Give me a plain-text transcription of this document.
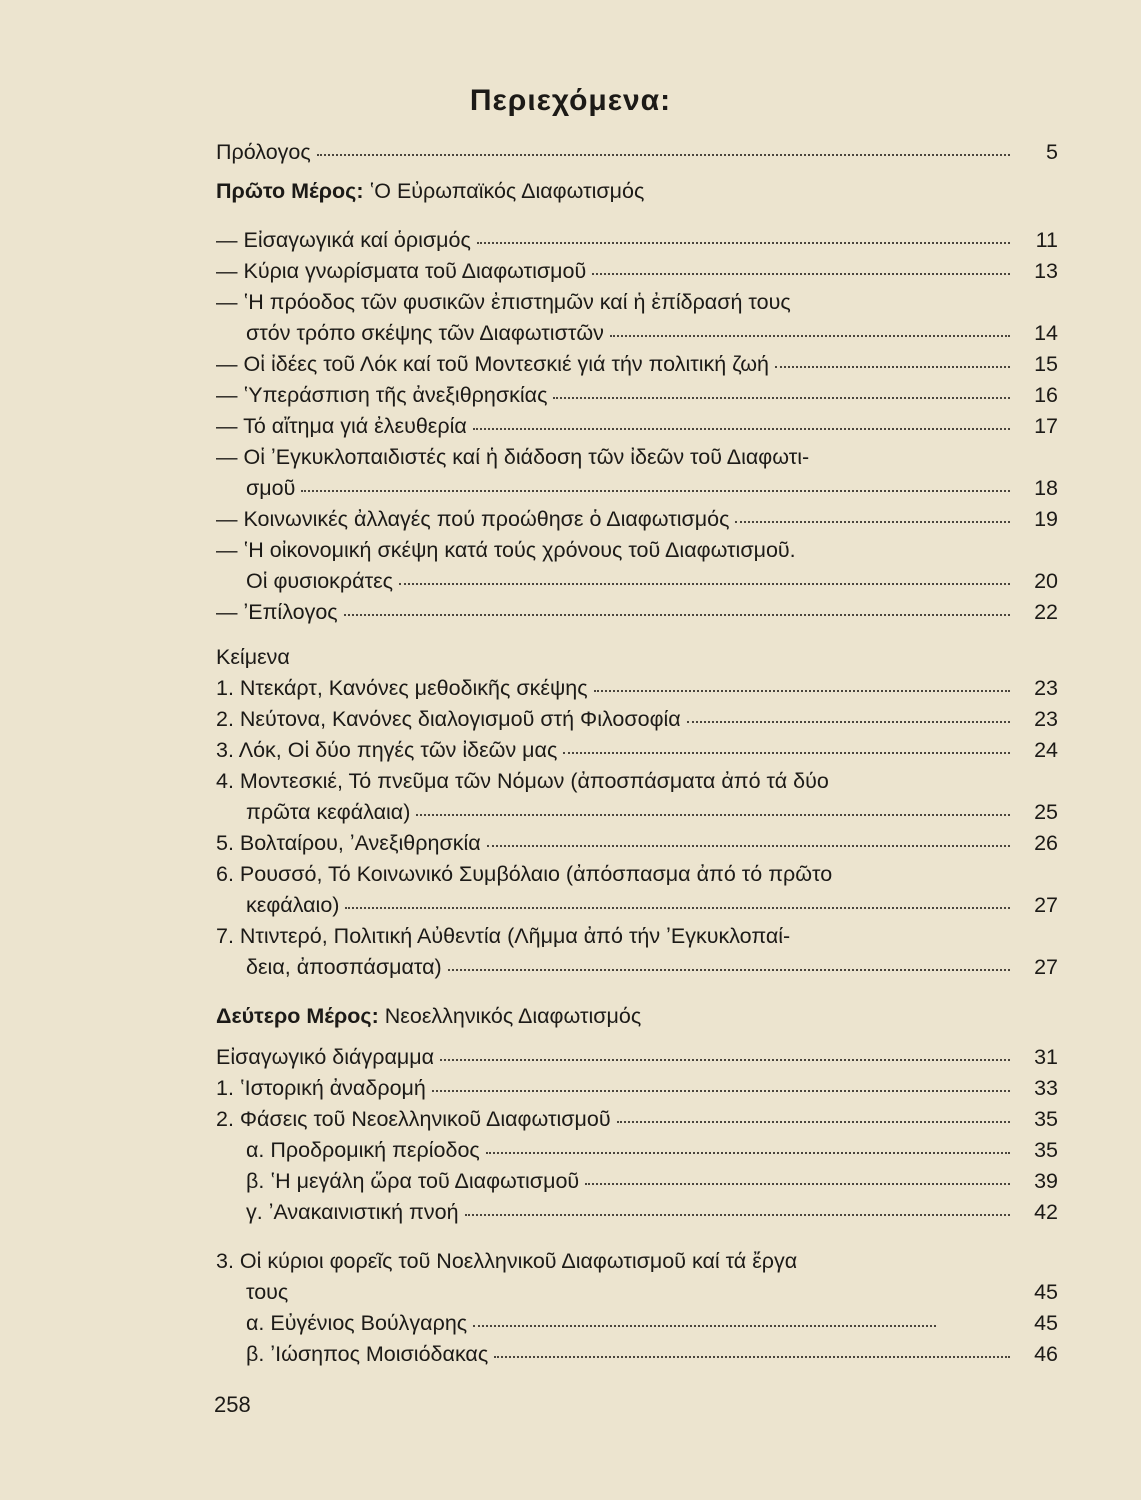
Περιεχόμενα:
Πρόλογος	5
Πρῶτο Μέρος: ʽΟ Εὐρωπαϊκός Διαφωτισμός
— Εἰσαγωγικά καί ὁρισμός	11
— Κύρια γνωρίσματα τοῦ Διαφωτισμοῦ	13
— ʽΗ πρόοδος τῶν φυσικῶν ἐπιστημῶν καί ἡ ἐπίδρασή τους
στόν τρόπο σκέψης τῶν Διαφωτιστῶν	14
— Οἱ ἰδέες τοῦ Λόκ καί τοῦ Μοντεσκιέ γιά τήν πολιτική ζωή	15
— ʽΥπεράσπιση τῆς ἀνεξιθρησκίας	16
— Τό αἴτημα γιά ἐλευθερία	17
— Οἱ ʼΕγκυκλοπαιδιστές καί ἡ διάδοση τῶν ἰδεῶν τοῦ Διαφωτι-
σμοῦ	18
— Κοινωνικές ἀλλαγές πού προώθησε ὁ Διαφωτισμός	19
— ʽΗ οἰκονομική σκέψη κατά τούς χρόνους τοῦ Διαφωτισμοῦ.
Οἱ φυσιοκράτες	20
— ʼΕπίλογος	22
Κείμενα
1. Ντεκάρτ, Κανόνες μεθοδικῆς σκέψης	23
2. Νεύτονα, Κανόνες διαλογισμοῦ στή Φιλοσοφία	23
3. Λόκ, Οἱ δύο πηγές τῶν ἰδεῶν μας	24
4. Μοντεσκιέ, Τό πνεῦμα τῶν Νόμων (ἀποσπάσματα ἀπό τά δύο
πρῶτα κεφάλαια)	25
5. Βολταίρου, ʼΑνεξιθρησκία	26
6. Ρουσσό, Τό Κοινωνικό Συμβόλαιο (ἀπόσπασμα ἀπό τό πρῶτο
κεφάλαιο)	27
7. Ντιντερό, Πολιτική Αὐθεντία (Λῆμμα ἀπό τήν ʼΕγκυκλοπαί-
δεια, ἀποσπάσματα)	27
Δεύτερο Μέρος: Νεοελληνικός Διαφωτισμός
Εἰσαγωγικό διάγραμμα	31
1. ʽΙστορική ἀναδρομή	33
2. Φάσεις τοῦ Νεοελληνικοῦ Διαφωτισμοῦ	35
α. Προδρομική περίοδος	35
β. ʽΗ μεγάλη ὥρα τοῦ Διαφωτισμοῦ	39
γ. ʼΑνακαινιστική πνοή	42
3. Οἱ κύριοι φορεῖς τοῦ Νοελληνικοῦ Διαφωτισμοῦ καί τά ἔργα
τους	45
α. Εὐγένιος Βούλγαρης	45
β. ʼΙώσηπος Μοισιόδακας	46
258
